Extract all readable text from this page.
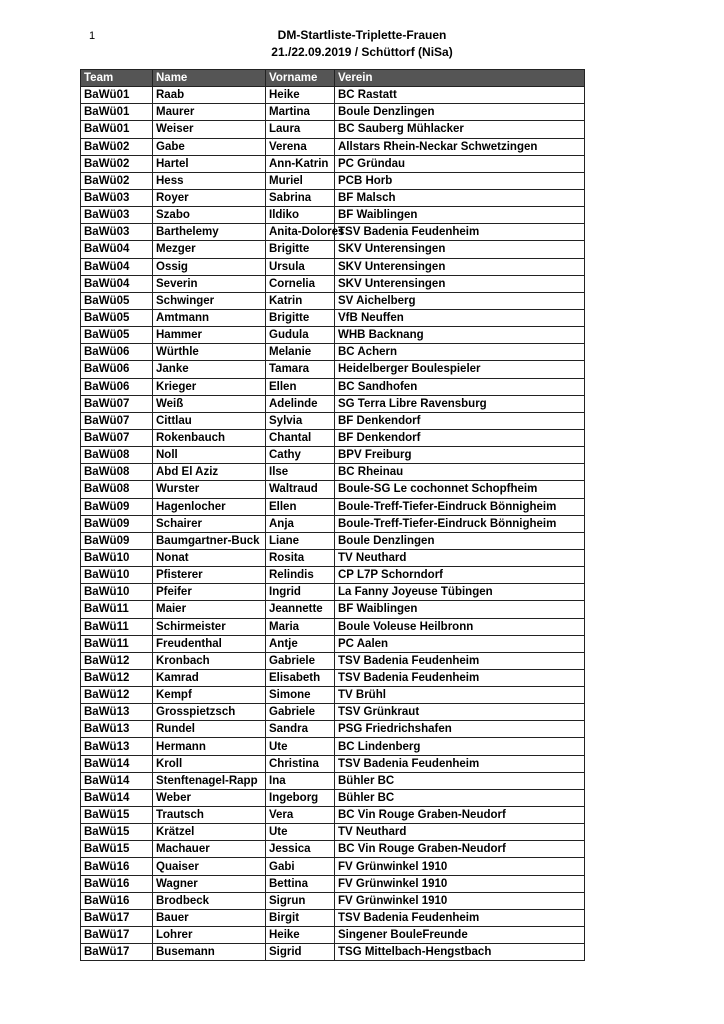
1	DM-Startliste-Triplette-Frauen
21./22.09.2019 / Schüttorf (NiSa)
Team	Name	Vorname	Verein
BaWü01	Raab	Heike	BC Rastatt
BaWü01	Maurer	Martina	Boule Denzlingen
BaWü01	Weiser	Laura	BC Sauberg Mühlacker
BaWü02	Gabe	Verena	Allstars Rhein-Neckar Schwetzingen
BaWü02	Hartel	Ann-Katrin	PC Gründau
BaWü02	Hess	Muriel	PCB Horb
BaWü03	Royer	Sabrina	BF Malsch
BaWü03	Szabo	Ildiko	BF Waiblingen
BaWü03	Barthelemy	Anita-Dolores	TSV Badenia Feudenheim
BaWü04	Mezger	Brigitte	SKV Unterensingen
BaWü04	Ossig	Ursula	SKV Unterensingen
BaWü04	Severin	Cornelia	SKV Unterensingen
BaWü05	Schwinger	Katrin	SV Aichelberg
BaWü05	Amtmann	Brigitte	VfB Neuffen
BaWü05	Hammer	Gudula	WHB Backnang
BaWü06	Würthle	Melanie	BC Achern
BaWü06	Janke	Tamara	Heidelberger Boulespieler
BaWü06	Krieger	Ellen	BC Sandhofen
BaWü07	Weiß	Adelinde	SG Terra Libre Ravensburg
BaWü07	Cittlau	Sylvia	BF Denkendorf
BaWü07	Rokenbauch	Chantal	BF Denkendorf
BaWü08	Noll	Cathy	BPV Freiburg
BaWü08	Abd El Aziz	Ilse	BC Rheinau
BaWü08	Wurster	Waltraud	Boule-SG Le cochonnet Schopfheim
BaWü09	Hagenlocher	Ellen	Boule-Treff-Tiefer-Eindruck Bönnigheim
BaWü09	Schairer	Anja	Boule-Treff-Tiefer-Eindruck Bönnigheim
BaWü09	Baumgartner-Buck	Liane	Boule Denzlingen
BaWü10	Nonat	Rosita	TV Neuthard
BaWü10	Pfisterer	Relindis	CP L7P Schorndorf
BaWü10	Pfeifer	Ingrid	La Fanny Joyeuse Tübingen
BaWü11	Maier	Jeannette	BF Waiblingen
BaWü11	Schirmeister	Maria	Boule Voleuse Heilbronn
BaWü11	Freudenthal	Antje	PC Aalen
BaWü12	Kronbach	Gabriele	TSV Badenia Feudenheim
BaWü12	Kamrad	Elisabeth	TSV Badenia Feudenheim
BaWü12	Kempf	Simone	TV Brühl
BaWü13	Grosspietzsch	Gabriele	TSV Grünkraut
BaWü13	Rundel	Sandra	PSG Friedrichshafen
BaWü13	Hermann	Ute	BC Lindenberg
BaWü14	Kroll	Christina	TSV Badenia Feudenheim
BaWü14	Stenftenagel-Rapp	Ina	Bühler BC
BaWü14	Weber	Ingeborg	Bühler BC
BaWü15	Trautsch	Vera	BC Vin Rouge Graben-Neudorf
BaWü15	Krätzel	Ute	TV Neuthard
BaWü15	Machauer	Jessica	BC Vin Rouge Graben-Neudorf
BaWü16	Quaiser	Gabi	FV Grünwinkel 1910
BaWü16	Wagner	Bettina	FV Grünwinkel 1910
BaWü16	Brodbeck	Sigrun	FV Grünwinkel 1910
BaWü17	Bauer	Birgit	TSV Badenia Feudenheim
BaWü17	Lohrer	Heike	Singener BouleFreunde
BaWü17	Busemann	Sigrid	TSG Mittelbach-Hengstbach
